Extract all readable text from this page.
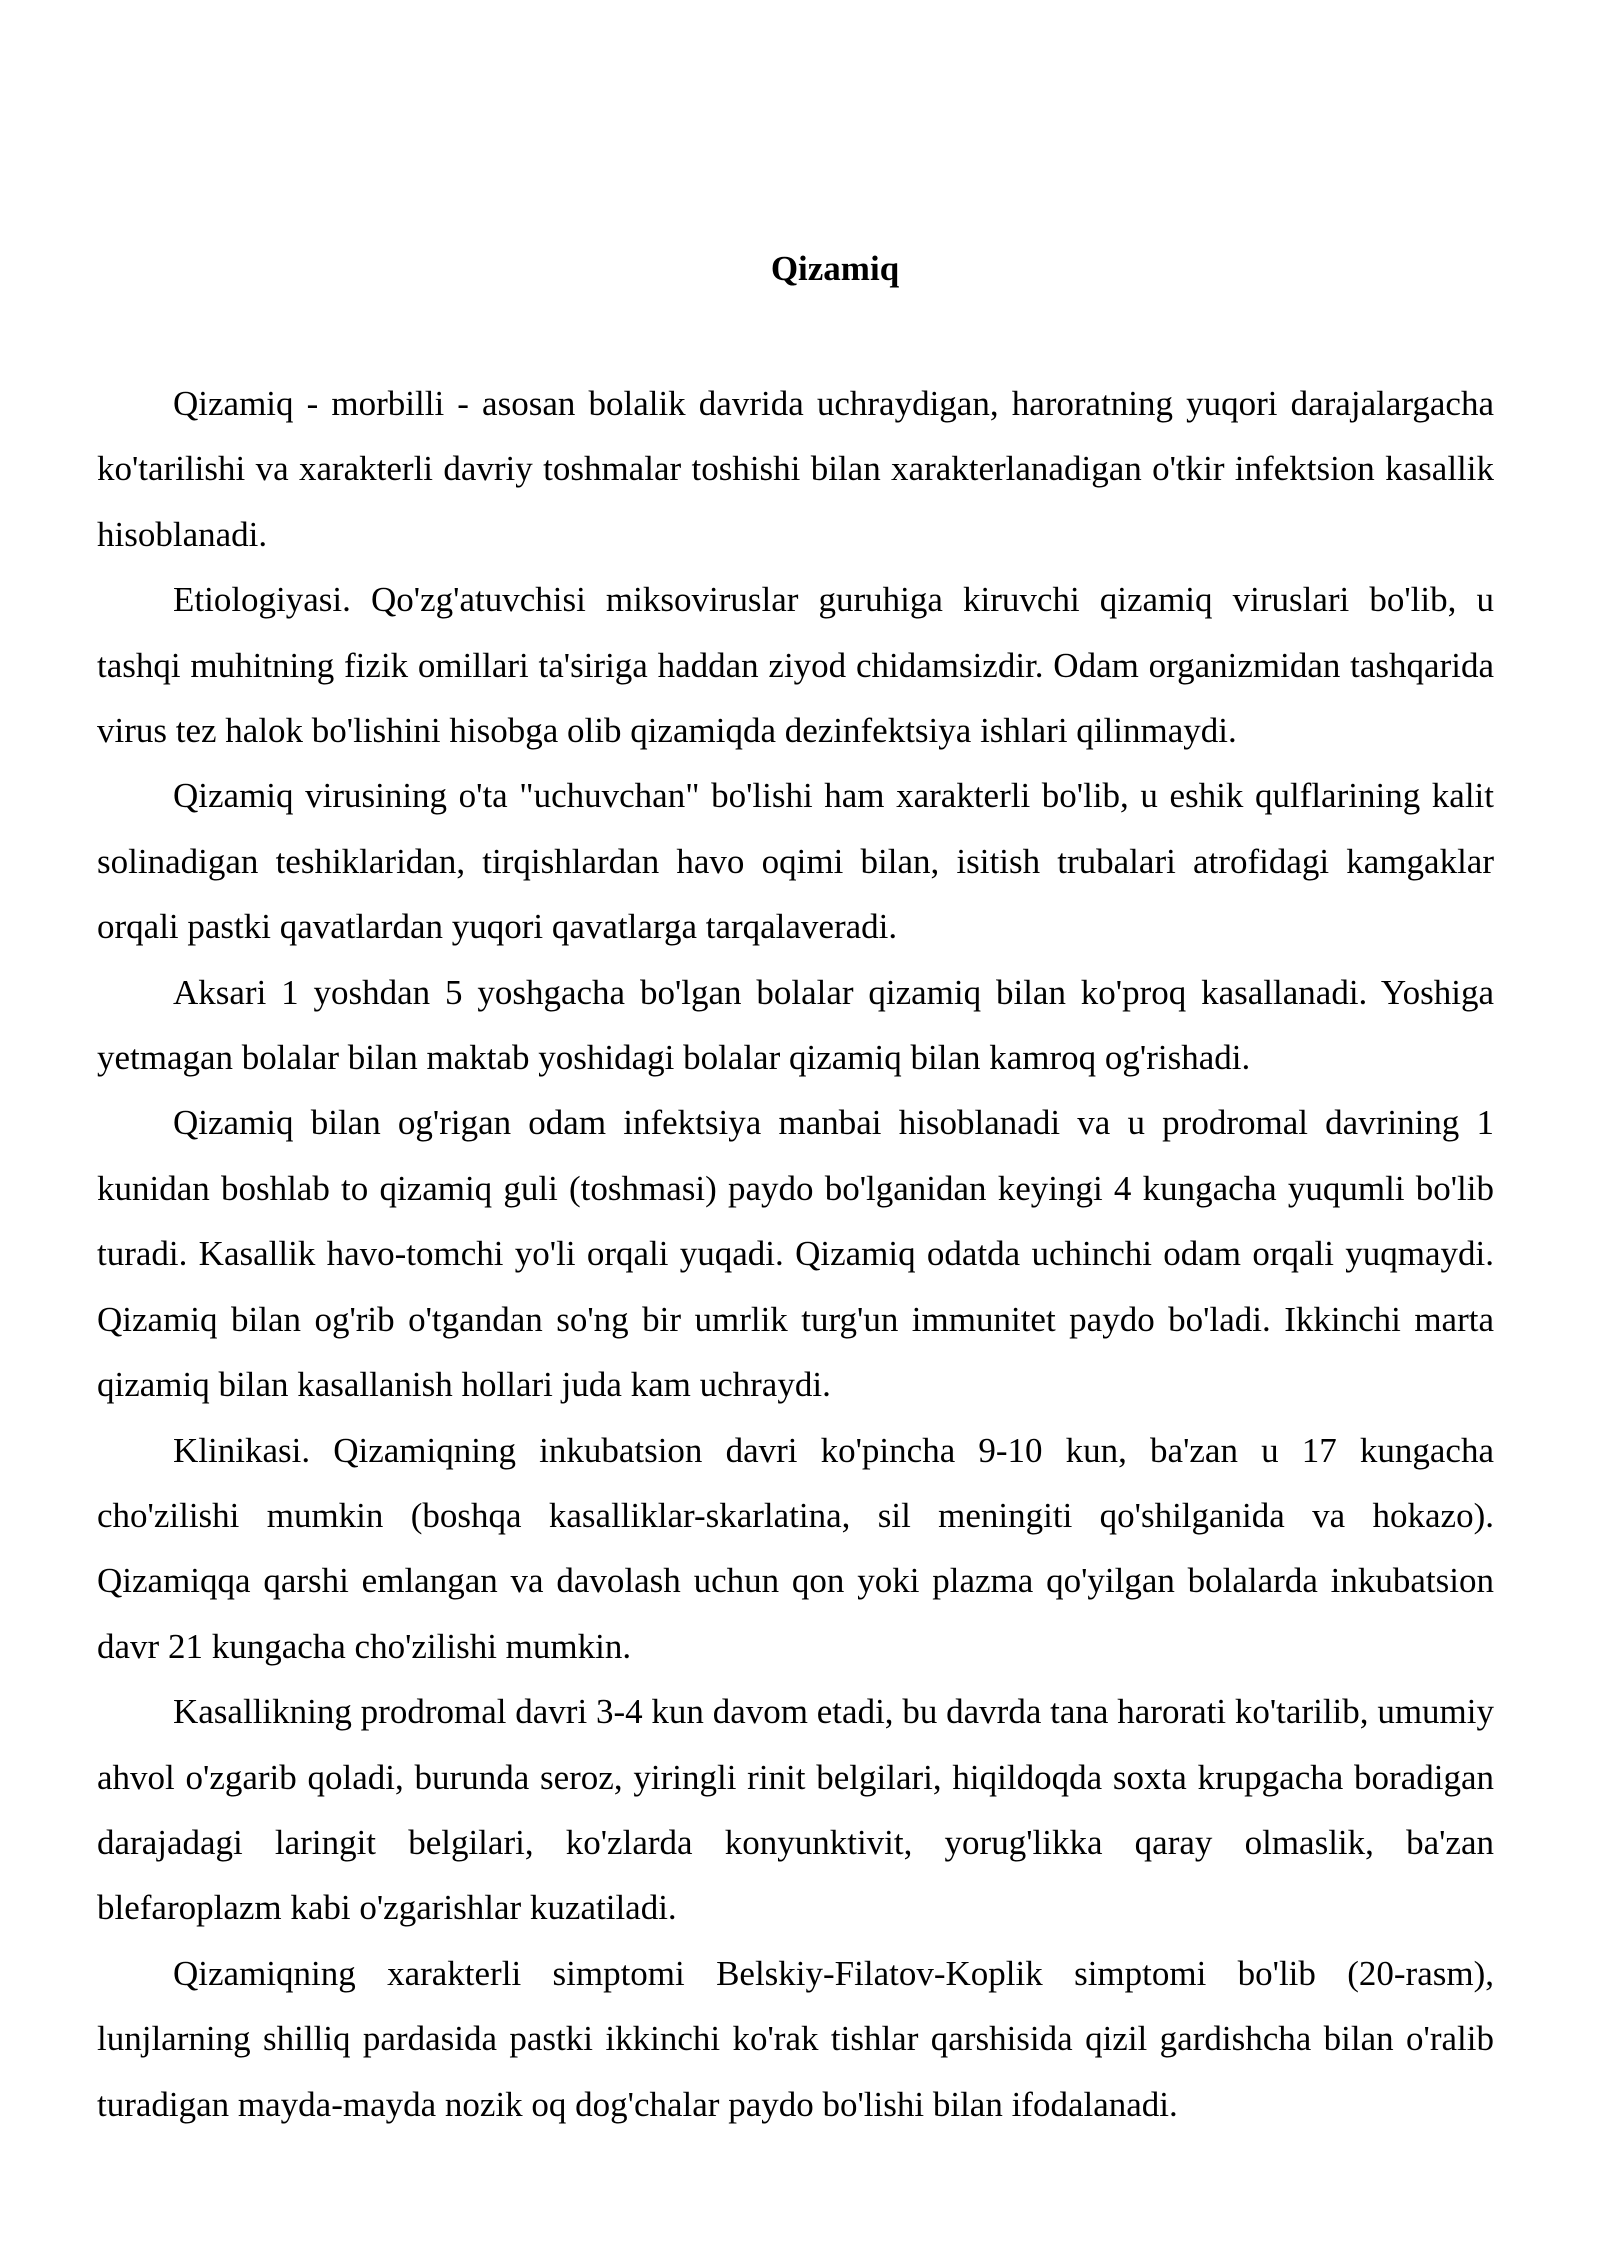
Qizamiq

Qizamiq - morbilli - asosan bolalik davrida uchraydigan, haroratning yuqori darajalargacha ko'tarilishi va xarakterli davriy toshmalar toshishi bilan xarakterlanadigan o'tkir infektsion kasallik hisoblanadi.

Etiologiyasi. Qo'zg'atuvchisi miksoviruslar guruhiga kiruvchi qizamiq viruslari bo'lib, u tashqi muhitning fizik omillari ta'siriga haddan ziyod chidamsizdir. Odam organizmidan tashqarida virus tez halok bo'lishini hisobga olib qizamiqda dezinfektsiya ishlari qilinmaydi.

Qizamiq virusining o'ta "uchuvchan" bo'lishi ham xarakterli bo'lib, u eshik qulflarining kalit solinadigan teshiklaridan, tirqishlardan havo oqimi bilan, isitish trubalari atrofidagi kamgaklar orqali pastki qavatlardan yuqori qavatlarga tarqalaveradi.

Aksari 1 yoshdan 5 yoshgacha bo'lgan bolalar qizamiq bilan ko'proq kasallanadi. Yoshiga yetmagan bolalar bilan maktab yoshidagi bolalar qizamiq bilan kamroq og'rishadi.

Qizamiq bilan og'rigan odam infektsiya manbai hisoblanadi va u prodromal davrining 1 kunidan boshlab to qizamiq guli (toshmasi) paydo bo'lganidan keyingi 4 kungacha yuqumli bo'lib turadi. Kasallik havo-tomchi yo'li orqali yuqadi. Qizamiq odatda uchinchi odam orqali yuqmaydi. Qizamiq bilan og'rib o'tgandan so'ng bir umrlik turg'un immunitet paydo bo'ladi. Ikkinchi marta qizamiq bilan kasallanish hollari juda kam uchraydi.

Klinikasi. Qizamiqning inkubatsion davri ko'pincha 9-10 kun, ba'zan u 17 kungacha cho'zilishi mumkin (boshqa kasalliklar-skarlatina, sil meningiti qo'shilganida va hokazo). Qizamiqqa qarshi emlangan va davolash uchun qon yoki plazma qo'yilgan bolalarda inkubatsion davr 21 kungacha cho'zilishi mumkin.

Kasallikning prodromal davri 3-4 kun davom etadi, bu davrda tana harorati ko'tarilib, umumiy ahvol o'zgarib qoladi, burunda seroz, yiringli rinit belgilari, hiqildoqda soxta krupgacha boradigan darajadagi laringit belgilari, ko'zlarda konyunktivit, yorug'likka qaray olmaslik, ba'zan blefaroplazm kabi o'zgarishlar kuzatiladi.

Qizamiqning xarakterli simptomi Belskiy-Filatov-Koplik simptomi bo'lib (20-rasm), lunjlarning shilliq pardasida pastki ikkinchi ko'rak tishlar qarshisida qizil gardishcha bilan o'ralib turadigan mayda-mayda nozik oq dog'chalar paydo bo'lishi bilan ifodalanadi.
